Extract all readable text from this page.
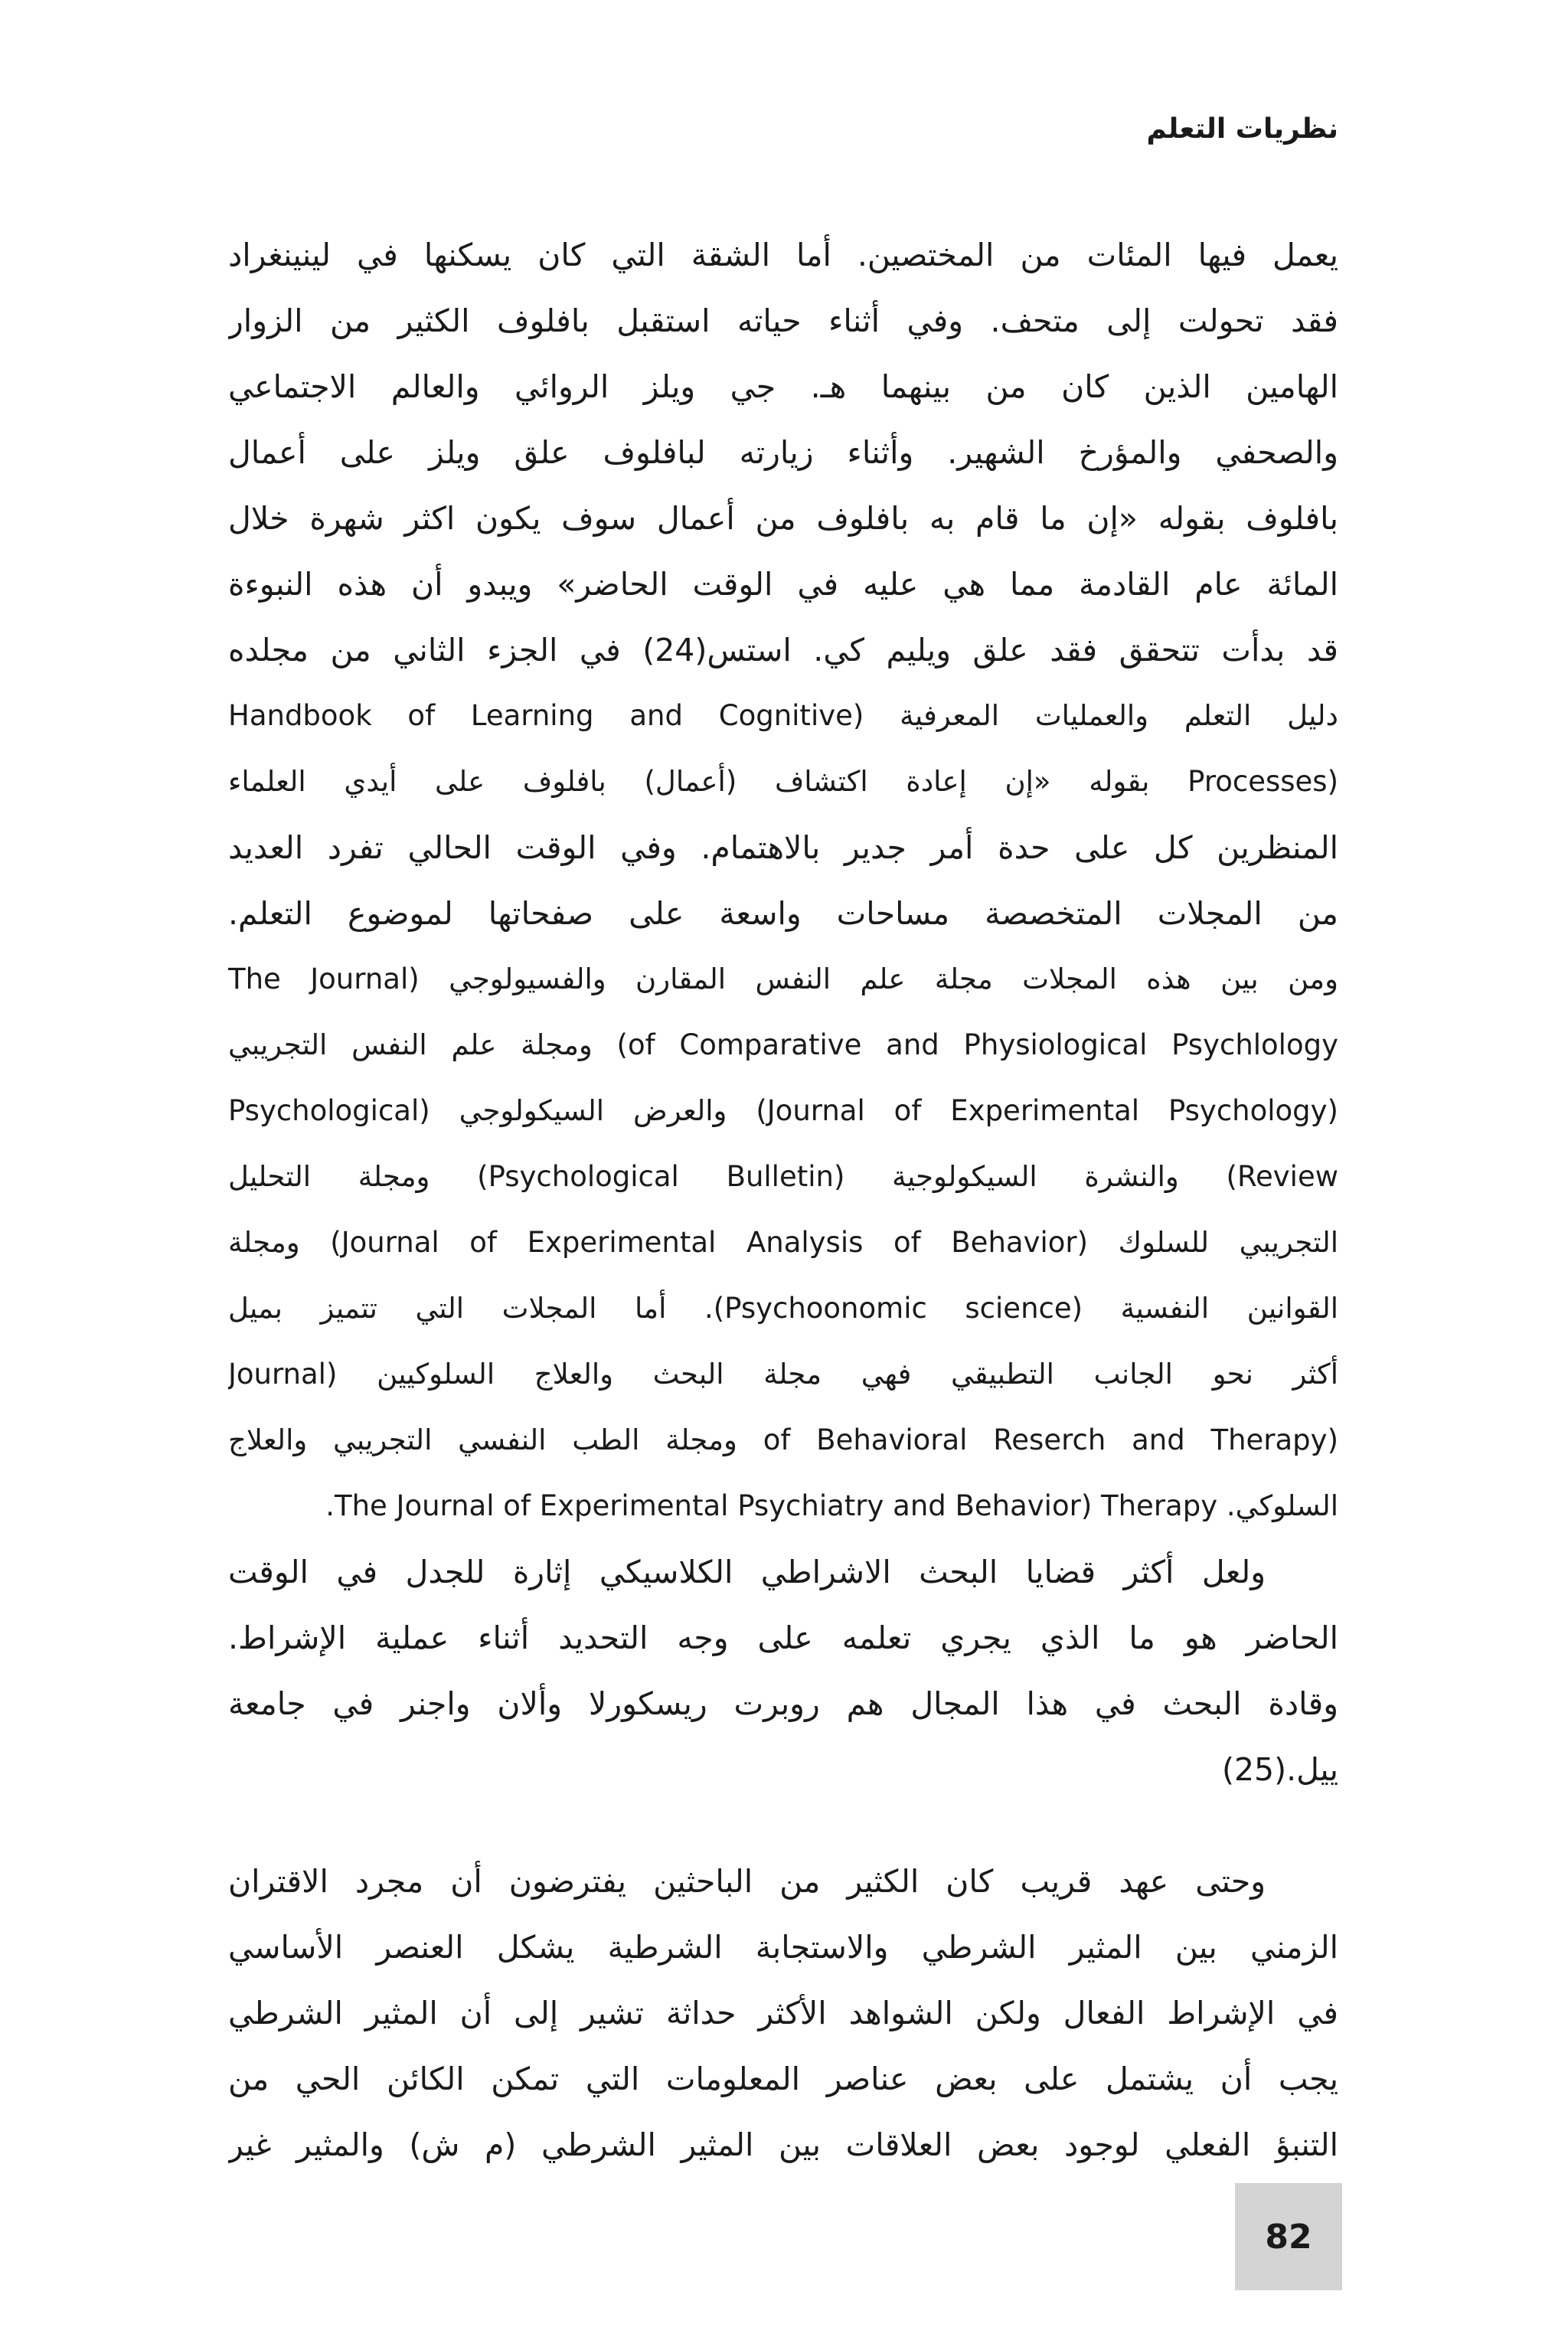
نظريات التعلم
يعمل فيها المئات من المختصين. أما الشقة التي كان يسكنها في لينينغراد
فقد تحولت إلى متحف. وفي أثناء حياته استقبل بافلوف الكثير من الزوار
الهامين الذين كان من بينهما هـ. جي ويلز الروائي والعالم الاجتماعي
والصحفي والمؤرخ الشهير. وأثناء زيارته لبافلوف علق ويلز على أعمال
بافلوف بقوله «إن ما قام به بافلوف من أعمال سوف يكون اكثر شهرة خلال
المائة عام القادمة مما هي عليه في الوقت الحاضر» ويبدو أن هذه النبوءة
قد بدأت تتحقق فقد علق ويليم كي. استس(24) في الجزء الثاني من مجلده
دليل التعلم والعمليات المعرفية (Handbook of Learning and Cognitive
(Processes بقوله «إن إعادة اكتشاف (أعمال) بافلوف على أيدي العلماء
المنظرين كل على حدة أمر جدير بالاهتمام. وفي الوقت الحالي تفرد العديد
من المجلات المتخصصة مساحات واسعة على صفحاتها لموضوع التعلم.
ومن بين هذه المجلات مجلة علم النفس المقارن والفسيولوجي (The Journal
of Comparative and Physiological Psychlology) ومجلة علم النفس التجريبي
(Journal of Experimental Psychology) والعرض السيكولوجي (Psychological
Review) والنشرة السيكولوجية (Psychological Bulletin) ومجلة التحليل
التجريبي للسلوك (Journal of Experimental Analysis of Behavior) ومجلة
القوانين النفسية (Psychoonomic science). أما المجلات التي تتميز بميل
أكثر نحو الجانب التطبيقي فهي مجلة البحث والعلاج السلوكيين (Journal
(of Behavioral Reserch and Therapy ومجلة الطب النفسي التجريبي والعلاج
السلوكي. The Journal of Experimental Psychiatry and Behavior) Therapy.
ولعل أكثر قضايا البحث الاشراطي الكلاسيكي إثارة للجدل في الوقت
الحاضر هو ما الذي يجري تعلمه على وجه التحديد أثناء عملية الإشراط.
وقادة البحث في هذا المجال هم روبرت ريسكورلا وألان واجنر في جامعة
ييل.(25)
وحتى عهد قريب كان الكثير من الباحثين يفترضون أن مجرد الاقتران
الزمني بين المثير الشرطي والاستجابة الشرطية يشكل العنصر الأساسي
في الإشراط الفعال ولكن الشواهد الأكثر حداثة تشير إلى أن المثير الشرطي
يجب أن يشتمل على بعض عناصر المعلومات التي تمكن الكائن الحي من
التنبؤ الفعلي لوجود بعض العلاقات بين المثير الشرطي (م ش) والمثير غير
82
